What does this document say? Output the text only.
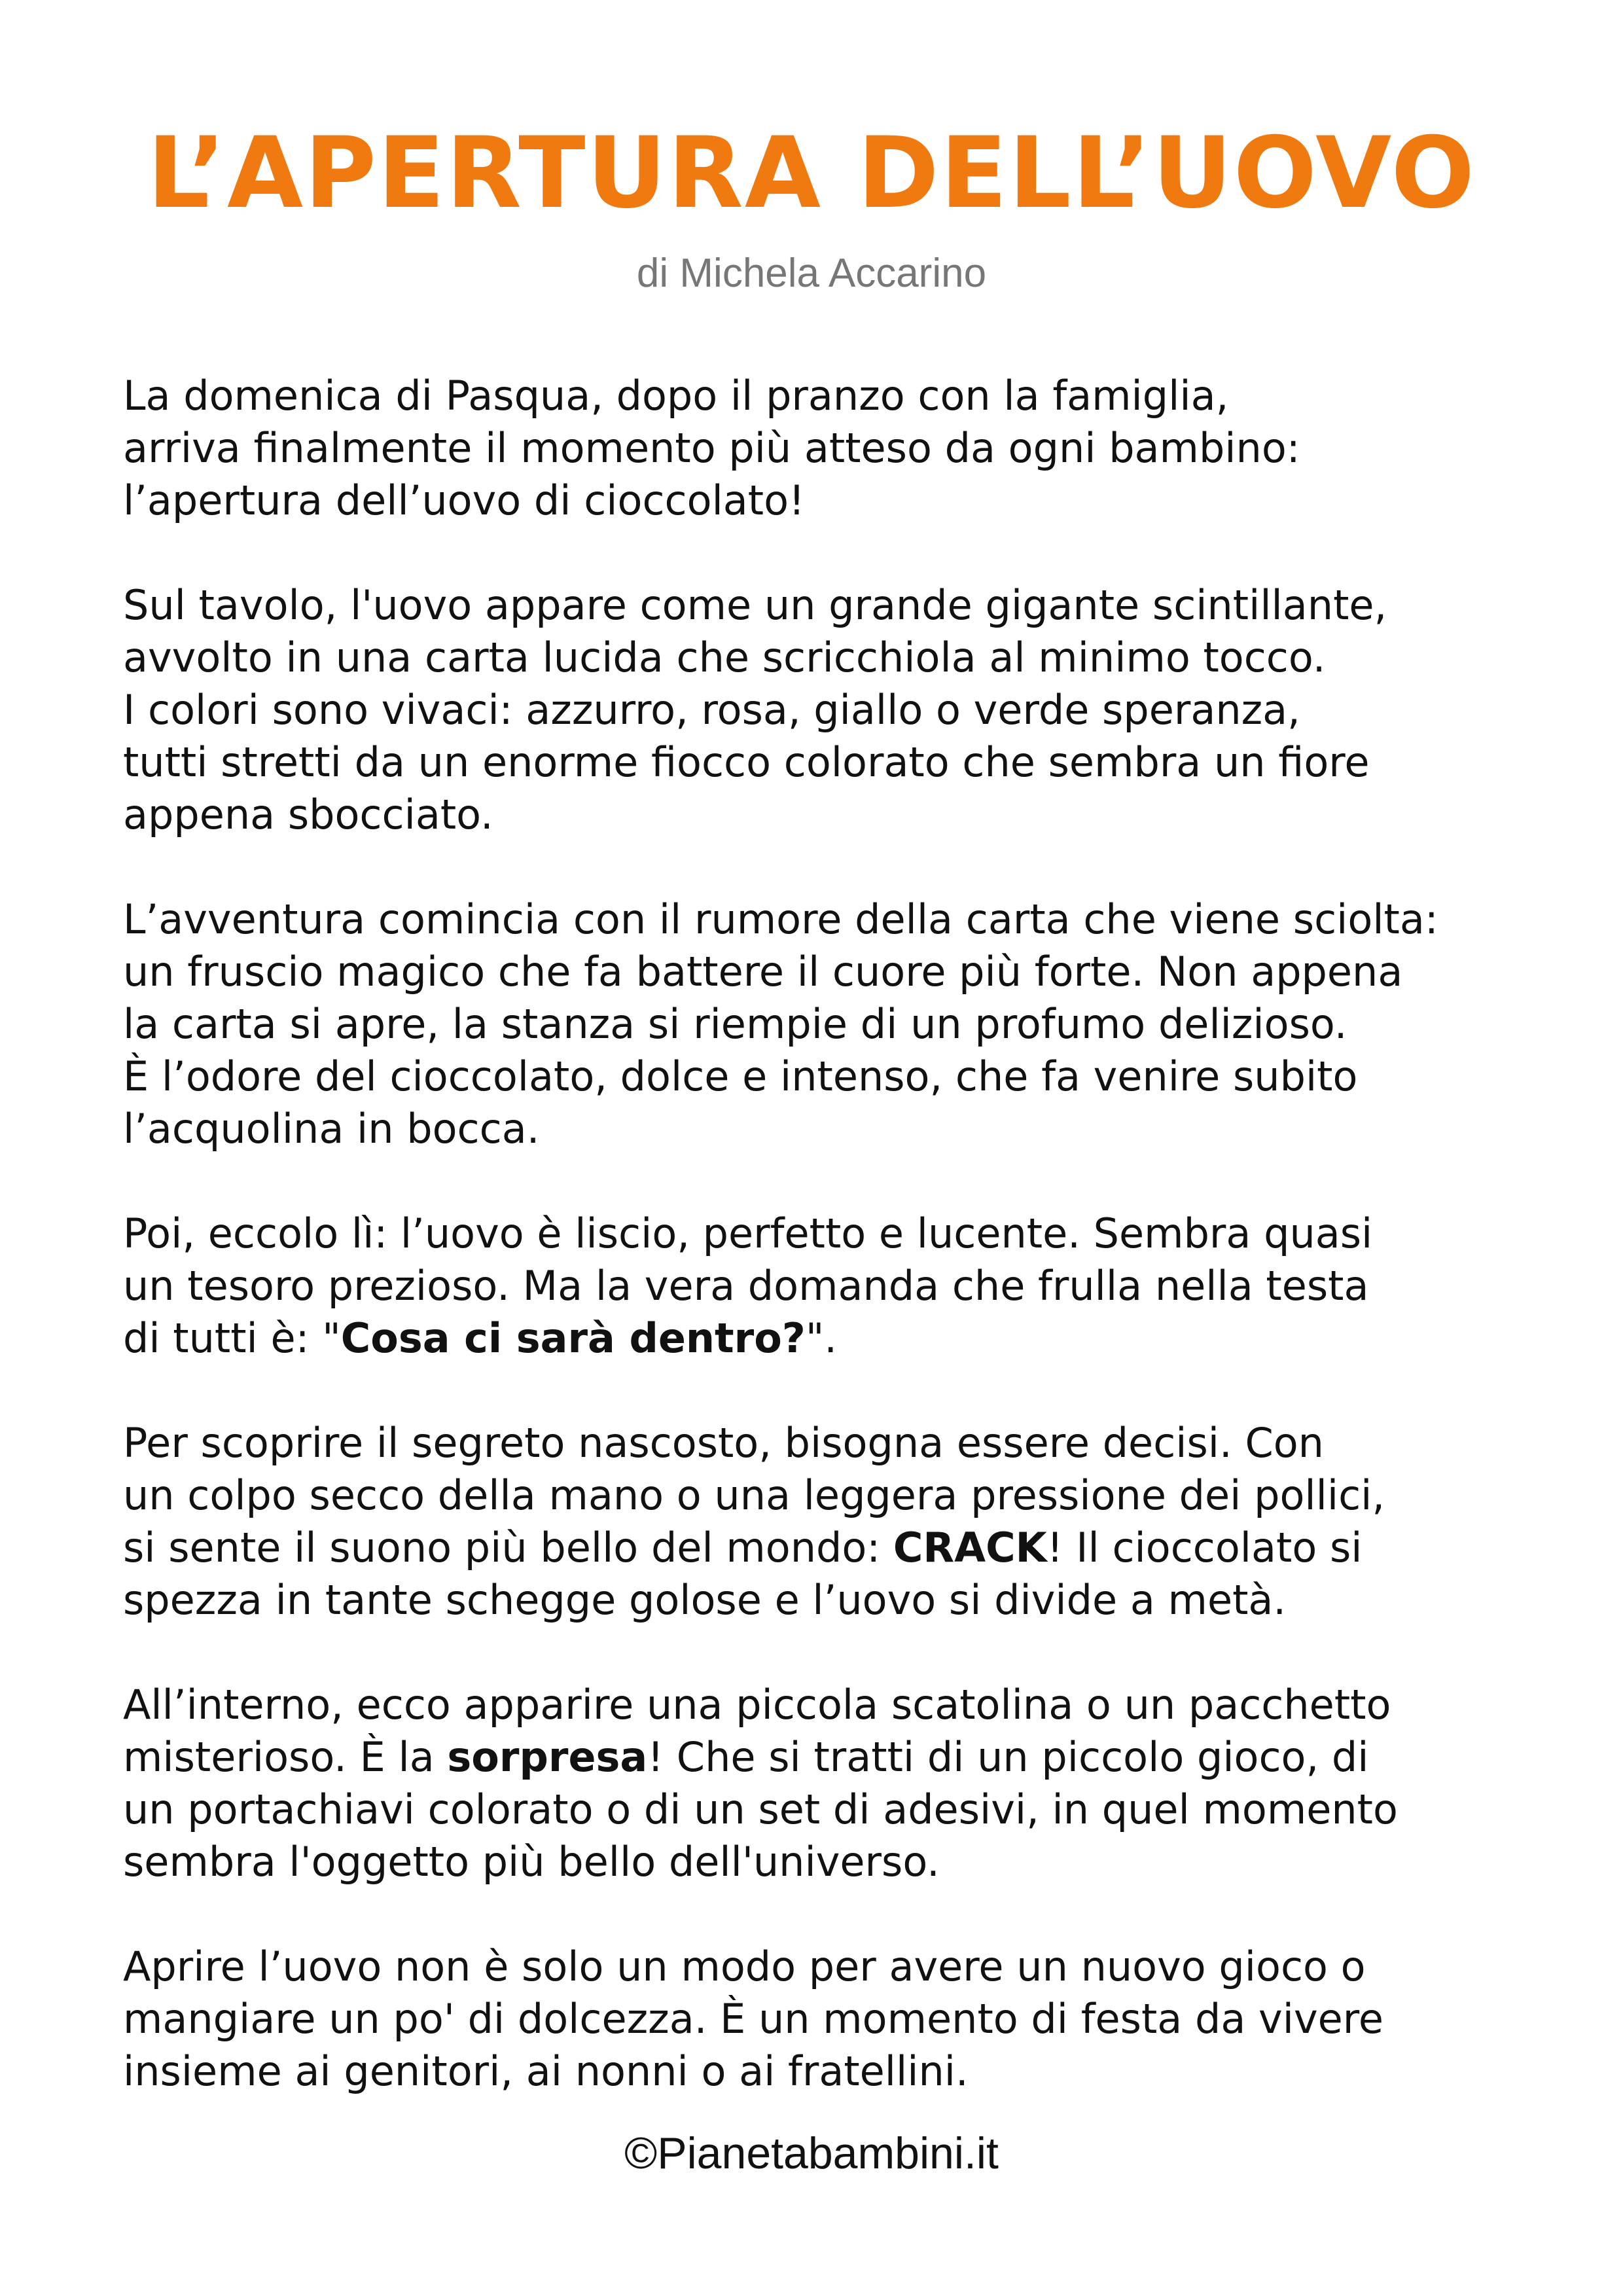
L’APERTURA DELL’UOVO

di Michela Accarino

La domenica di Pasqua, dopo il pranzo con la famiglia,
arriva finalmente il momento più atteso da ogni bambino:
l’apertura dell’uovo di cioccolato!

Sul tavolo, l'uovo appare come un grande gigante scintillante,
avvolto in una carta lucida che scricchiola al minimo tocco.
I colori sono vivaci: azzurro, rosa, giallo o verde speranza,
tutti stretti da un enorme fiocco colorato che sembra un fiore
appena sbocciato.

L’avventura comincia con il rumore della carta che viene sciolta:
un fruscio magico che fa battere il cuore più forte. Non appena
la carta si apre, la stanza si riempie di un profumo delizioso.
È l’odore del cioccolato, dolce e intenso, che fa venire subito
l’acquolina in bocca.

Poi, eccolo lì: l’uovo è liscio, perfetto e lucente. Sembra quasi
un tesoro prezioso. Ma la vera domanda che frulla nella testa
di tutti è: "Cosa ci sarà dentro?".

Per scoprire il segreto nascosto, bisogna essere decisi. Con
un colpo secco della mano o una leggera pressione dei pollici,
si sente il suono più bello del mondo: CRACK! Il cioccolato si
spezza in tante schegge golose e l’uovo si divide a metà.

All’interno, ecco apparire una piccola scatolina o un pacchetto
misterioso. È la sorpresa! Che si tratti di un piccolo gioco, di
un portachiavi colorato o di un set di adesivi, in quel momento
sembra l'oggetto più bello dell'universo.

Aprire l’uovo non è solo un modo per avere un nuovo gioco o
mangiare un po' di dolcezza. È un momento di festa da vivere
insieme ai genitori, ai nonni o ai fratellini.

©Pianetabambini.it
